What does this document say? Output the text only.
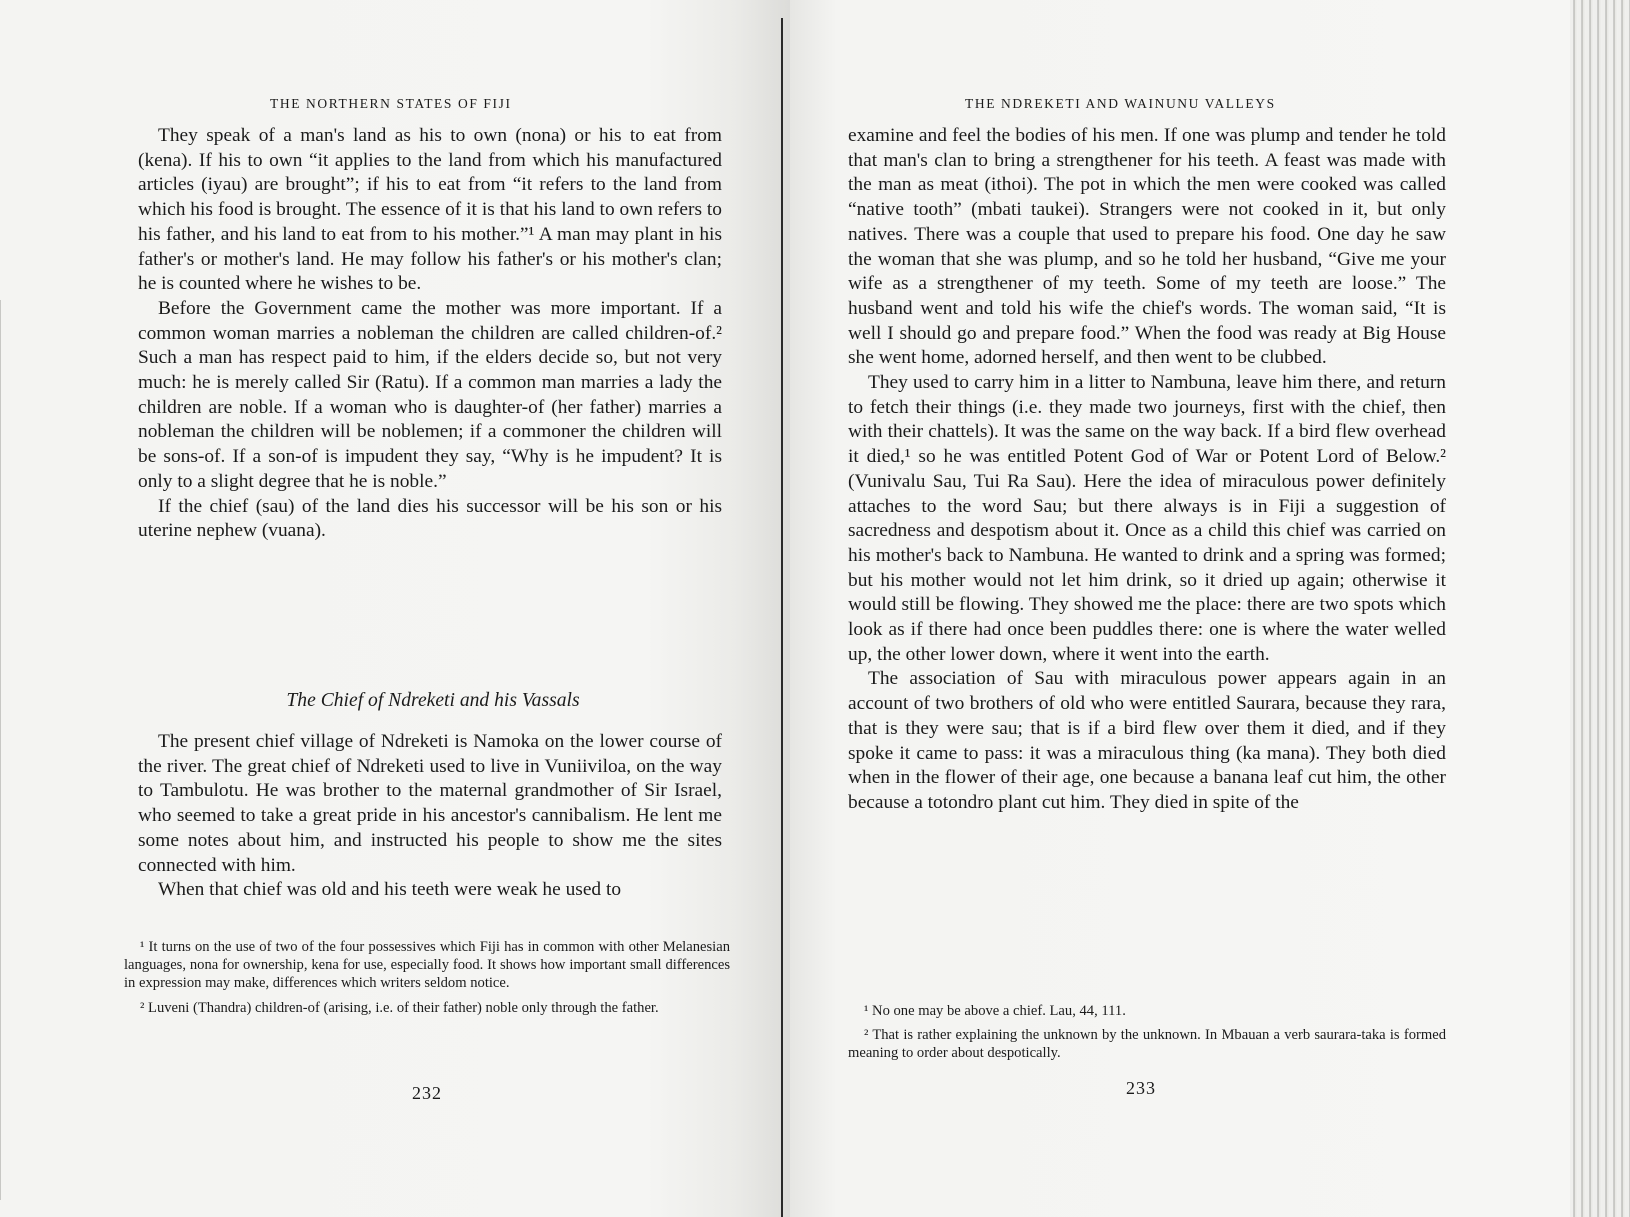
THE NORTHERN STATES OF FIJI

They speak of a man's land as his to own (nona) or his to eat from (kena). If his to own “it applies to the land from which his manufactured articles (iyau) are brought”; if his to eat from “it refers to the land from which his food is brought. The essence of it is that his land to own refers to his father, and his land to eat from to his mother.”¹ A man may plant in his father's or mother's land. He may follow his father's or his mother's clan; he is counted where he wishes to be.

Before the Government came the mother was more important. If a common woman marries a nobleman the children are called children-of.² Such a man has respect paid to him, if the elders decide so, but not very much: he is merely called Sir (Ratu). If a common man marries a lady the children are noble. If a woman who is daughter-of (her father) marries a nobleman the children will be noblemen; if a commoner the children will be sons-of. If a son-of is impudent they say, “Why is he impudent? It is only to a slight degree that he is noble.”

If the chief (sau) of the land dies his successor will be his son or his uterine nephew (vuana).

The Chief of Ndreketi and his Vassals

The present chief village of Ndreketi is Namoka on the lower course of the river. The great chief of Ndreketi used to live in Vuniiviloa, on the way to Tambulotu. He was brother to the maternal grandmother of Sir Israel, who seemed to take a great pride in his ancestor's cannibalism. He lent me some notes about him, and instructed his people to show me the sites connected with him.

When that chief was old and his teeth were weak he used to

¹ It turns on the use of two of the four possessives which Fiji has in common with other Melanesian languages, nona for ownership, kena for use, especially food. It shows how important small differences in expression may make, differences which writers seldom notice.

² Luveni (Thandra) children-of (arising, i.e. of their father) noble only through the father.

232
THE NDREKETI AND WAINUNU VALLEYS

examine and feel the bodies of his men. If one was plump and tender he told that man's clan to bring a strengthener for his teeth. A feast was made with the man as meat (ithoi). The pot in which the men were cooked was called “native tooth” (mbati taukei). Strangers were not cooked in it, but only natives. There was a couple that used to prepare his food. One day he saw the woman that she was plump, and so he told her husband, “Give me your wife as a strengthener of my teeth. Some of my teeth are loose.” The husband went and told his wife the chief's words. The woman said, “It is well I should go and prepare food.” When the food was ready at Big House she went home, adorned herself, and then went to be clubbed.

They used to carry him in a litter to Nambuna, leave him there, and return to fetch their things (i.e. they made two journeys, first with the chief, then with their chattels). It was the same on the way back. If a bird flew overhead it died,¹ so he was entitled Potent God of War or Potent Lord of Below.² (Vunivalu Sau, Tui Ra Sau). Here the idea of miraculous power definitely attaches to the word Sau; but there always is in Fiji a suggestion of sacredness and despotism about it. Once as a child this chief was carried on his mother's back to Nambuna. He wanted to drink and a spring was formed; but his mother would not let him drink, so it dried up again; otherwise it would still be flowing. They showed me the place: there are two spots which look as if there had once been puddles there: one is where the water welled up, the other lower down, where it went into the earth.

The association of Sau with miraculous power appears again in an account of two brothers of old who were entitled Saurara, because they rara, that is they were sau; that is if a bird flew over them it died, and if they spoke it came to pass: it was a miraculous thing (ka mana). They both died when in the flower of their age, one because a banana leaf cut him, the other because a totondro plant cut him. They died in spite of the

¹ No one may be above a chief. Lau, 44, 111.

² That is rather explaining the unknown by the unknown. In Mbauan a verb saurara-taka is formed meaning to order about despotically.

233
